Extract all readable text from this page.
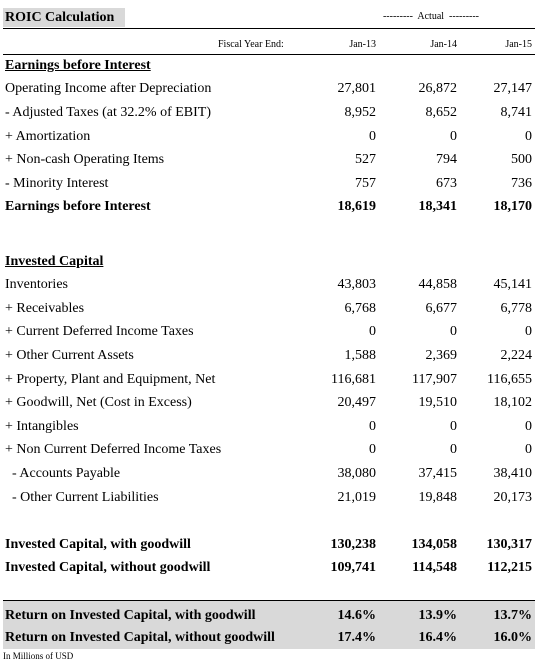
ROIC Calculation	---------  Actual  ---------
Fiscal Year End:	Jan-13	Jan-14	Jan-15
Earnings before Interest
Operating Income after Depreciation	27,801	26,872	27,147
- Adjusted Taxes (at 32.2% of EBIT)	8,952	8,652	8,741
+ Amortization	0	0	0
+ Non-cash Operating Items	527	794	500
- Minority Interest	757	673	736
Earnings before Interest	18,619	18,341	18,170
Invested Capital
Inventories	43,803	44,858	45,141
+ Receivables	6,768	6,677	6,778
+ Current Deferred Income Taxes	0	0	0
+ Other Current Assets	1,588	2,369	2,224
+ Property, Plant and Equipment, Net	116,681	117,907	116,655
+ Goodwill, Net (Cost in Excess)	20,497	19,510	18,102
+ Intangibles	0	0	0
+ Non Current Deferred Income Taxes	0	0	0
- Accounts Payable	38,080	37,415	38,410
- Other Current Liabilities	21,019	19,848	20,173
Invested Capital, with goodwill	130,238	134,058	130,317
Invested Capital, without goodwill	109,741	114,548	112,215
Return on Invested Capital, with goodwill	14.6%	13.9%	13.7%
Return on Invested Capital, without goodwill	17.4%	16.4%	16.0%
In Millions of USD
